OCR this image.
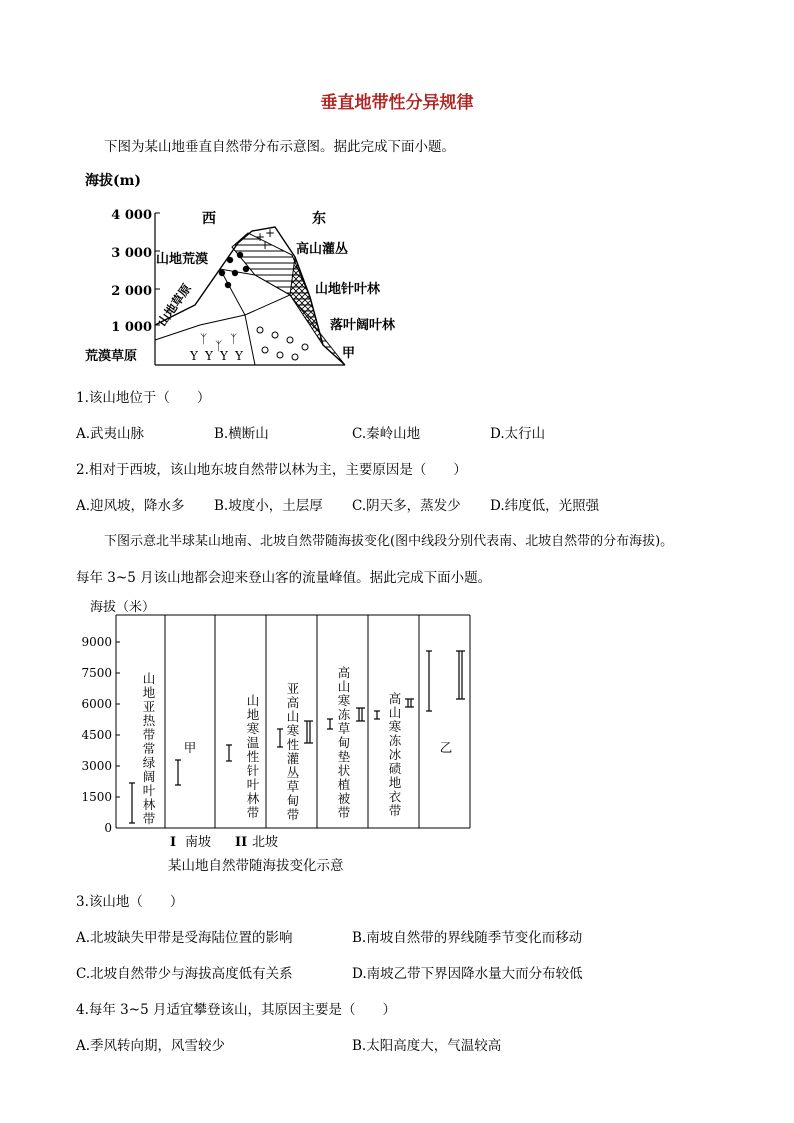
垂直地带性分异规律
下图为某山地垂直自然带分布示意图。据此完成下面小题。
海拔(m)
4 000
3 000
2 000
1 000
ᛉ ᛉ ᛉ
Y Y Y Y
+ +
+
西	东
高山灌丛
山地荒漠
山地草原	山地针叶林
落叶阔叶林
荒漠草原	甲
1.该山地位于（　　）
A.武夷山脉	B.横断山	C.秦岭山地	D.太行山
2.相对于西坡，该山地东坡自然带以林为主，主要原因是（　　）
A.迎风坡，降水多 B.坡度小，土层厚 C.阴天多，蒸发少 D.纬度低，光照强
下图示意北半球某山地南、北坡自然带随海拔变化(图中线段分别代表南、北坡自然带的分布海拔)。
每年 3~5 月该山地都会迎来登山客的流量峰值。据此完成下面小题。
海拔（米）
9000
7500
6000
4500
3000
1500
0
山地亚热带常绿阔叶林带
甲
山地寒温性针叶林带
亚高山寒性灌丛草甸带
高山寒冻草甸垫状植被带
高山寒冻冰碛地衣带
乙
I 南坡 II 北坡
某山地自然带随海拔变化示意
3.该山地（　　）
A.北坡缺失甲带是受海陆位置的影响	B.南坡自然带的界线随季节变化而移动
C.北坡自然带少与海拔高度低有关系	D.南坡乙带下界因降水量大而分布较低
4.每年 3~5 月适宜攀登该山，其原因主要是（　　）
A.季风转向期，风雪较少	B.太阳高度大，气温较高
